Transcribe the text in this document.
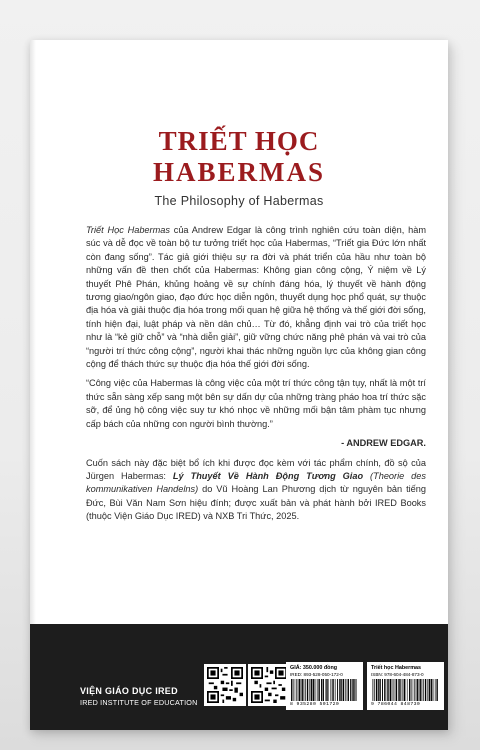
TRIẾT HỌC
HABERMAS
The Philosophy of Habermas

Triết Học Habermas của Andrew Edgar là công trình nghiên cứu toàn diện, hàm súc và dễ đọc về toàn bộ tư tưởng triết học của Habermas, “Triết gia Đức lớn nhất còn đang sống”. Tác giả giới thiệu sự ra đời và phát triển của hầu như toàn bộ những vấn đề then chốt của Habermas: Không gian công cộng, Ý niệm về Lý thuyết Phê Phán, khủng hoảng về sự chính đáng hóa, lý thuyết về hành động tương giao/ngôn giao, đạo đức học diễn ngôn, thuyết dụng học phổ quát, sự thuộc địa hóa và giải thuộc địa hóa trong mối quan hệ giữa hệ thống và thế giới đời sống, tính hiện đại, luật pháp và nền dân chủ… Từ đó, khẳng định vai trò của triết học như là “kẻ giữ chỗ” và “nhà diễn giải”, giữ vững chức năng phê phán và vai trò của “người trí thức công cộng”, người khai thác những nguồn lực của không gian công cộng để thách thức sự thuộc địa hóa thế giới đời sống.

“Công việc của Habermas là công việc của một trí thức công tận tụy, nhất là một trí thức sẵn sàng xếp sang một bên sự dấn dự của những tràng pháo hoa trí thức sặc sỡ, để ủng hộ công việc suy tư khó nhọc về những mối bận tâm phàm tục nhưng cấp bách của những con người bình thường.”

- ANDREW EDGAR.

Cuốn sách này đặc biệt bổ ích khi được đọc kèm với tác phẩm chính, đồ sộ của Jürgen Habermas: Lý Thuyết Về Hành Động Tương Giao (Theorie des kommunikativen Handelns) do Vũ Hoàng Lan Phương dịch từ nguyên bản tiếng Đức, Bùi Văn Nam Sơn hiệu đính; được xuất bản và phát hành bởi IRED Books (thuộc Viện Giáo Dục IRED) và NXB Tri Thức, 2025.

VIỆN GIÁO DỤC IRED
IRED INSTITUTE OF EDUCATION
GIÁ: 350.000 đồng
IRED: 893-528-050-172-0
8 935280 501720
Triết học Habermas
ISBN: 978-604-484-873-0
9 786044 848730
